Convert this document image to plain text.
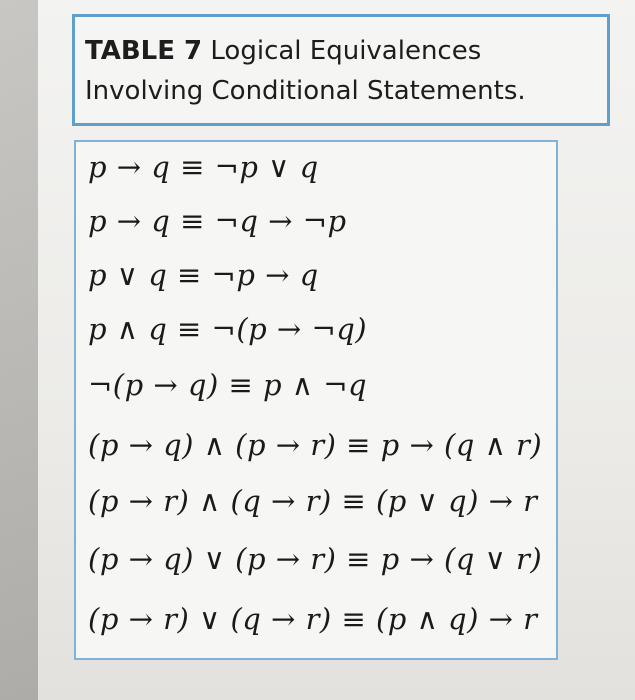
TABLE 7 Logical Equivalences
Involving Conditional Statements.
p → q ≡ ¬p ∨ q
p → q ≡ ¬q → ¬p
p ∨ q ≡ ¬p → q
p ∧ q ≡ ¬(p → ¬q)
¬(p → q) ≡ p ∧ ¬q
(p → q) ∧ (p → r) ≡ p → (q ∧ r)
(p → r) ∧ (q → r) ≡ (p ∨ q) → r
(p → q) ∨ (p → r) ≡ p → (q ∨ r)
(p → r) ∨ (q → r) ≡ (p ∧ q) → r
